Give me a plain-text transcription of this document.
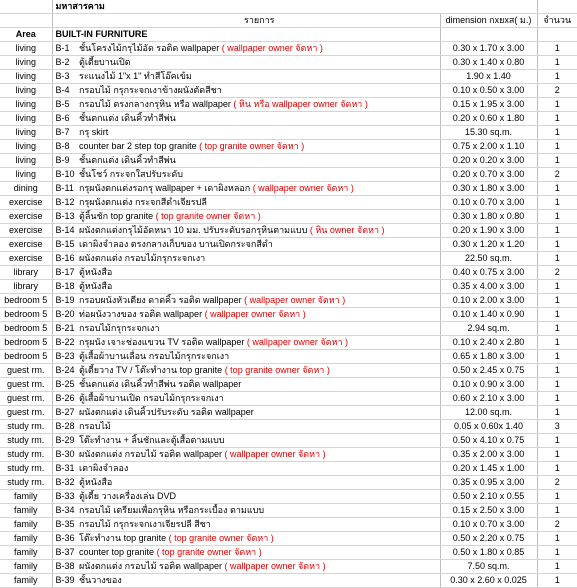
	มหาสารคาม			
		รายการ	dimension กxยxส( ม.)	จำนวน
Area	BUILT-IN FURNITURE			
living	B-1	ชั้นโครงไม้กรุไม้อัด รอติด wallpaper ( wallpaper owner จัดหา )	0.30 x 1.70 x 3.00	1
living	B-2	ตู้เตี้ยบานเปิด	0.30 x 1.40 x 0.80	1
living	B-3	ระแนงไม้ 1"x 1" ทำสีโอ๊คเข้ม	1.90 x 1.40	1
living	B-4	กรอบไม้ กรุกระจกเงาข้างผนังตัดสีชา	0.10 x 0.50 x 3.00	2
living	B-5	กรอบไม้ ตรงกลางกรุหิน หรือ wallpaper ( หิน หรือ wallpaper owner จัดหา )	0.15 x 1.95 x 3.00	1
living	B-6	ชั้นตกแต่ง เดินคิ้วทำสีพ่น	0.20 x 0.60 x 1.80	1
living	B-7	กรุ skirt	15.30 sq.m.	1
living	B-8	counter bar 2 step top granite ( top granite owner จัดหา )	0.75 x 2.00 x 1.10	1
living	B-9	ชั้นตกแต่ง เดินคิ้วทำสีพ่น	0.20 x 0.20 x 3.00	1
living	B-10	ชั้นโชว์ กระจกใสปรับระดับ	0.20 x 0.70 x 3.00	2
dining	B-11	กรุผนังตกแต่งรอกรุ wallpaper + เดาผิงหลอก ( wallpaper owner จัดหา )	0.30 x 1.80 x 3.00	1
exercise	B-12	กรุผนังตกแต่ง กระจกสีดำเจียรปลี	0.10 x 0.70 x 3.00	1
exercise	B-13	ตู้ลิ้นชัก top granite ( top granite owner จัดหา )	0.30 x 1.80 x 0.80	1
exercise	B-14	ผนังตกแต่งกรุไม้อัดหนา 10 มม. ปรับระดับรอกรุหินตามแบบ ( หิน owner จัดหา )	0.20 x 1.90 x 3.00	1
exercise	B-15	เดาผิงจำลอง ตรงกลางเก็บของ บานเปิดกระจกสีดำ	0.30 x 1.20 x 1.20	1
exercise	B-16	ผนังตกแต่ง กรอบไม้กรุกระจกเงา	22.50 sq.m.	1
library	B-17	ตู้หนังสือ	0.40 x 0.75 x 3.00	2
library	B-18	ตู้หนังสือ	0.35 x 4.00 x 3.00	1
bedroom 5	B-19	กรอบผนังหัวเตียง ดาดคิ้ว รอติด wallpaper ( wallpaper owner จัดหา )	0.10 x 2.00 x 3.00	1
bedroom 5	B-20	ท่อผนังวางของ รอติด wallpaper ( wallpaper owner จัดหา )	0.10 x 1.40 x 0.90	1
bedroom 5	B-21	กรอบไม้กรุกระจกเงา	2.94 sq.m.	1
bedroom 5	B-22	กรุผนัง เจาะช่องแขวน TV รอติด wallpaper ( wallpaper owner จัดหา )	0.10 x 2.40 x 2.80	1
bedroom 5	B-23	ตู้เสื้อผ้าบานเลื่อน กรอบไม้กรุกระจกเงา	0.65 x 1.80 x 3.00	1
guest rm.	B-24	ตู้เตี้ยวาง TV / โต๊ะทำงาน top granite ( top granite owner จัดหา )	0.50 x 2.45 x 0.75	1
guest rm.	B-25	ชั้นตกแต่ง เดินคิ้วทำสีพ่น รอติด wallpaper	0.10 x 0.90 x 3.00	1
guest rm.	B-26	ตู้เสื้อผ้าบานเปิด กรอบไม้กรุกระจกเงา	0.60 x 2.10 x 3.00	1
guest rm.	B-27	ผนังตกแต่ง เดินคิ้วปรับระดับ รอติด wallpaper	12.00 sq.m.	1
study rm.	B-28	กรอบไม้	0.05 x 0.60x 1.40	3
study rm.	B-29	โต๊ะทำงาน + ลิ้นชักและตู้เสื้อตามแบบ	0.50 x 4.10 x 0.75	1
study rm.	B-30	ผนังตกแต่ง กรอบไม้ รอติด wallpaper ( wallpaper owner จัดหา )	0.35 x 2.00 x 3.00	1
study rm.	B-31	เตาผิงจำลอง	0.20 x 1.45 x 1.00	1
study rm.	B-32	ตู้หนังสือ	0.35 x 0.95 x 3.00	2
family	B-33	ตู้เตี้ย วางเครื่องเล่น DVD	0.50 x 2.10 x 0.55	1
family	B-34	กรอบไม้ เตรียมเพื่อกรุหิน หรือกระเบื้อง ตามแบบ	0.15 x 2.50 x 3.00	1
family	B-35	กรอบไม้ กรุกระจกเงาเจียรปลี สีชา	0.10 x 0.70 x 3.00	2
family	B-36	โต๊ะทำงาน top granite ( top granite owner จัดหา )	0.50 x 2.20 x 0.75	1
family	B-37	counter top granite ( top granite owner จัดหา )	0.50 x 1.80 x 0.85	1
family	B-38	ผนังตกแต่ง กรอบไม้ รอติด wallpaper ( wallpaper owner จัดหา )	7.50 sq.m.	1
family	B-39	ชั้นวางของ	0.30 x 2.60 x 0.025	1
